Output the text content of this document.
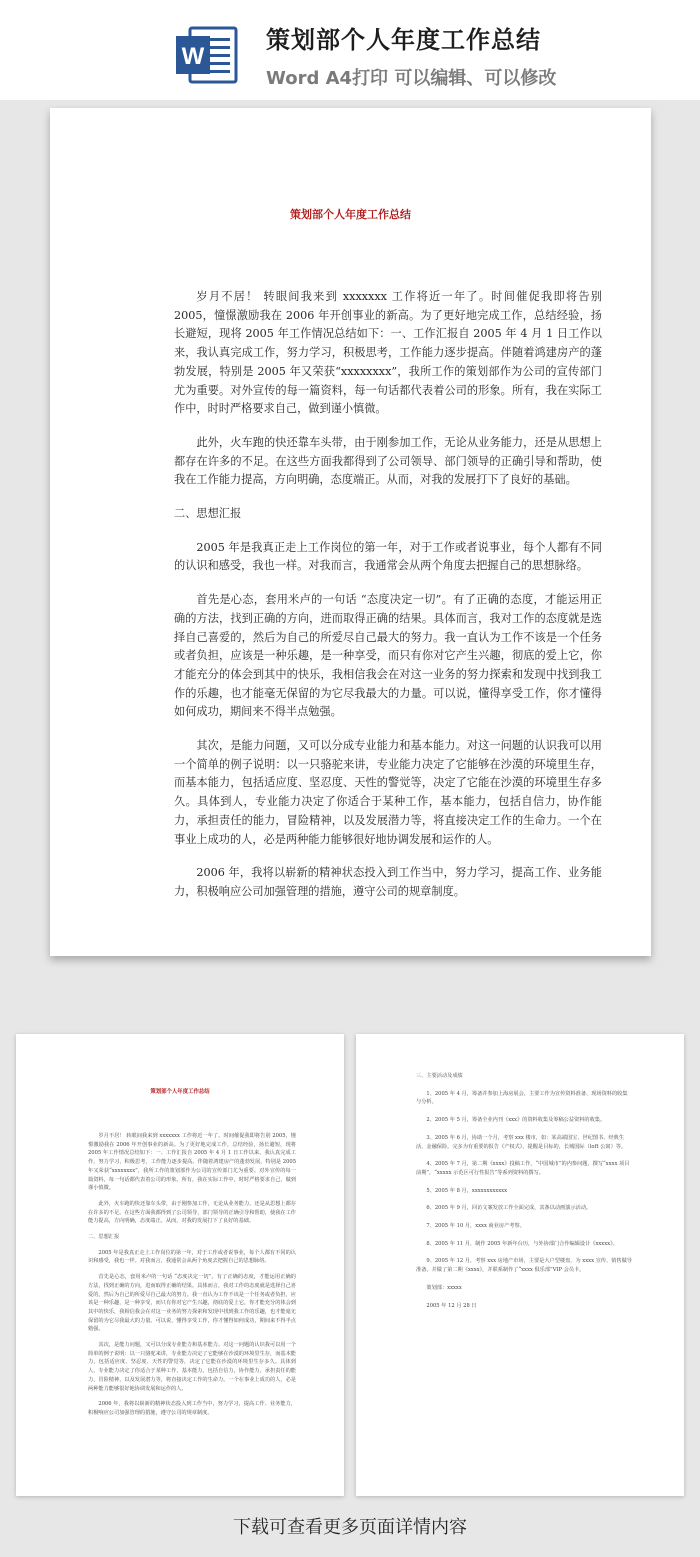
W
策划部个人年度工作总结
Word A4打印 可以编辑、可以修改
策划部个人年度工作总结

岁月不居！ 转眼间我来到 xxxxxxx 工作将近一年了。时间催促我即将告别 2005，憧憬激励我在 2006 年开创事业的新高。为了更好地完成工作，总结经验，扬长避短，现将 2005 年工作情况总结如下：一、工作汇报自 2005 年 4 月 1 日工作以来，我认真完成工作，努力学习，积极思考，工作能力逐步提高。伴随着鸿建房产的蓬勃发展，特别是 2005 年又荣获“xxxxxxxx”，我所工作的策划部作为公司的宣传部门尤为重要。对外宣传的每一篇资料，每一句话都代表着公司的形象。所有，我在实际工作中，时时严格要求自己，做到谨小慎微。

此外，火车跑的快还靠车头带，由于刚参加工作，无论从业务能力，还是从思想上都存在许多的不足。在这些方面我都得到了公司领导、部门领导的正确引导和帮助，使我在工作能力提高，方向明确，态度端正。从而，对我的发展打下了良好的基础。

二、思想汇报

2005 年是我真正走上工作岗位的第一年，对于工作或者说事业，每个人都有不同的认识和感受，我也一样。对我而言，我通常会从两个角度去把握自己的思想脉络。

首先是心态，套用米卢的一句话 “态度决定一切”。有了正确的态度，才能运用正确的方法，找到正确的方向，进而取得正确的结果。具体而言，我对工作的态度就是选择自己喜爱的，然后为自己的所爱尽自己最大的努力。我一直认为工作不该是一个任务或者负担，应该是一种乐趣，是一种享受，而只有你对它产生兴趣，彻底的爱上它，你才能充分的体会到其中的快乐，我相信我会在对这一业务的努力探索和发现中找到我工作的乐趣，也才能毫无保留的为它尽我最大的力量。可以说，懂得享受工作，你才懂得如何成功，期间来不得半点勉强。

其次，是能力问题，又可以分成专业能力和基本能力。对这一问题的认识我可以用一个简单的例子说明：以一只骆驼来讲，专业能力决定了它能够在沙漠的环境里生存，而基本能力，包括适应度、坚忍度、天性的警觉等，决定了它能在沙漠的环境里生存多久。具体到人，专业能力决定了你适合于某种工作，基本能力，包括自信力，协作能力，承担责任的能力，冒险精神，以及发展潜力等，将直接决定工作的生命力。一个在事业上成功的人，必是两种能力能够很好地协调发展和运作的人。

2006 年，我将以崭新的精神状态投入到工作当中，努力学习，提高工作、业务能力，积极响应公司加强管理的措施，遵守公司的规章制度。

策划部个人年度工作总结

岁月不居！ 转眼间我来到 xxxxxxx 工作将近一年了。时间催促我即将告别 2005，憧憬激励我在 2006 年开创事业的新高。为了更好地完成工作，总结经验，扬长避短，现将 2005 年工作情况总结如下：一、工作汇报自 2005 年 4 月 1 日工作以来，我认真完成工作，努力学习，积极思考，工作能力逐步提高。伴随着鸿建房产的蓬勃发展，特别是 2005 年又荣获“xxxxxxxx”，我所工作的策划部作为公司的宣传部门尤为重要。对外宣传的每一篇资料，每一句话都代表着公司的形象。所有，我在实际工作中，时时严格要求自己，做到谨小慎微。

此外，火车跑的快还靠车头带，由于刚参加工作，无论从业务能力，还是从思想上都存在许多的不足。在这些方面我都得到了公司领导、部门领导的正确引导和帮助，使我在工作能力提高，方向明确，态度端正。从而，对我的发展打下了良好的基础。

二、思想汇报

2005 年是我真正走上工作岗位的第一年，对于工作或者说事业，每个人都有不同的认识和感受，我也一样。对我而言，我通常会从两个角度去把握自己的思想脉络。

首先是心态，套用米卢的一句话 “态度决定一切”。有了正确的态度，才能运用正确的方法，找到正确的方向，进而取得正确的结果。具体而言，我对工作的态度就是选择自己喜爱的，然后为自己的所爱尽自己最大的努力。我一直认为工作不该是一个任务或者负担，应该是一种乐趣，是一种享受，而只有你对它产生兴趣，彻底的爱上它，你才能充分的体会到其中的快乐，我相信我会在对这一业务的努力探索和发现中找到我工作的乐趣，也才能毫无保留的为它尽我最大的力量。可以说，懂得享受工作，你才懂得如何成功，期间来不得半点勉强。

其次，是能力问题，又可以分成专业能力和基本能力。对这一问题的认识我可以用一个简单的例子说明：以一只骆驼来讲，专业能力决定了它能够在沙漠的环境里生存，而基本能力，包括适应度、坚忍度、天性的警觉等，决定了它能在沙漠的环境里生存多久。具体到人，专业能力决定了你适合于某种工作，基本能力，包括自信力，协作能力，承担责任的能力，冒险精神，以及发展潜力等，将直接决定工作的生命力。一个在事业上成功的人，必是两种能力能够很好地协调发展和运作的人。

2006 年，我将以崭新的精神状态投入到工作当中，努力学习，提高工作、业务能力，积极响应公司加强管理的措施，遵守公司的规章制度。

三、主要活动及成绩
1、2005 年 4 月，筹备并参加上海房展会，主要工作为宣传资料准备、现场资料的收集与分析。
2、2005 年 5 月，筹备全业内刊《xxx》的资料收集及筹稿公益资料的收集。
3、2005 年 6 月，协助一个月，考察 xxx 楼市，如：某高端国宝、世纪图书、经典生活，金融保险。完多为有重要的报告《产权式》，提醒是目标的，长城国际（loft 公寓）等。
4、2005 年 7 月，第二期《xxxx》投稿工作，“中国城市”的内参问题，撰写“xxxx 项目前期”，“xxxxx 示范区可行性报告”等系列资料的撰写。
5、2005 年 8 月，xxxxxxxxxxxx
6、2005 年 9 月，回访文案发放工作全面完成，其条以动画演示活动。
7、2005 年 10 月，xxxx 商业房产考察。
8、2005 年 11 月，制作 2005 年新年台历，与外协部门合作编辑设计《xxxxx》。
9、2005 年 12 月，考察 xxx 房地产市场，主要是大户型楼盘，为 xxxx 宣传、销售做导准备，并做了第二期《xxxx》，并联系制作了“xxxx 俱乐部”VIP 会员卡。
策划部：xxxxx
2005 年 12 月 28 日
下载可查看更多页面详情内容
